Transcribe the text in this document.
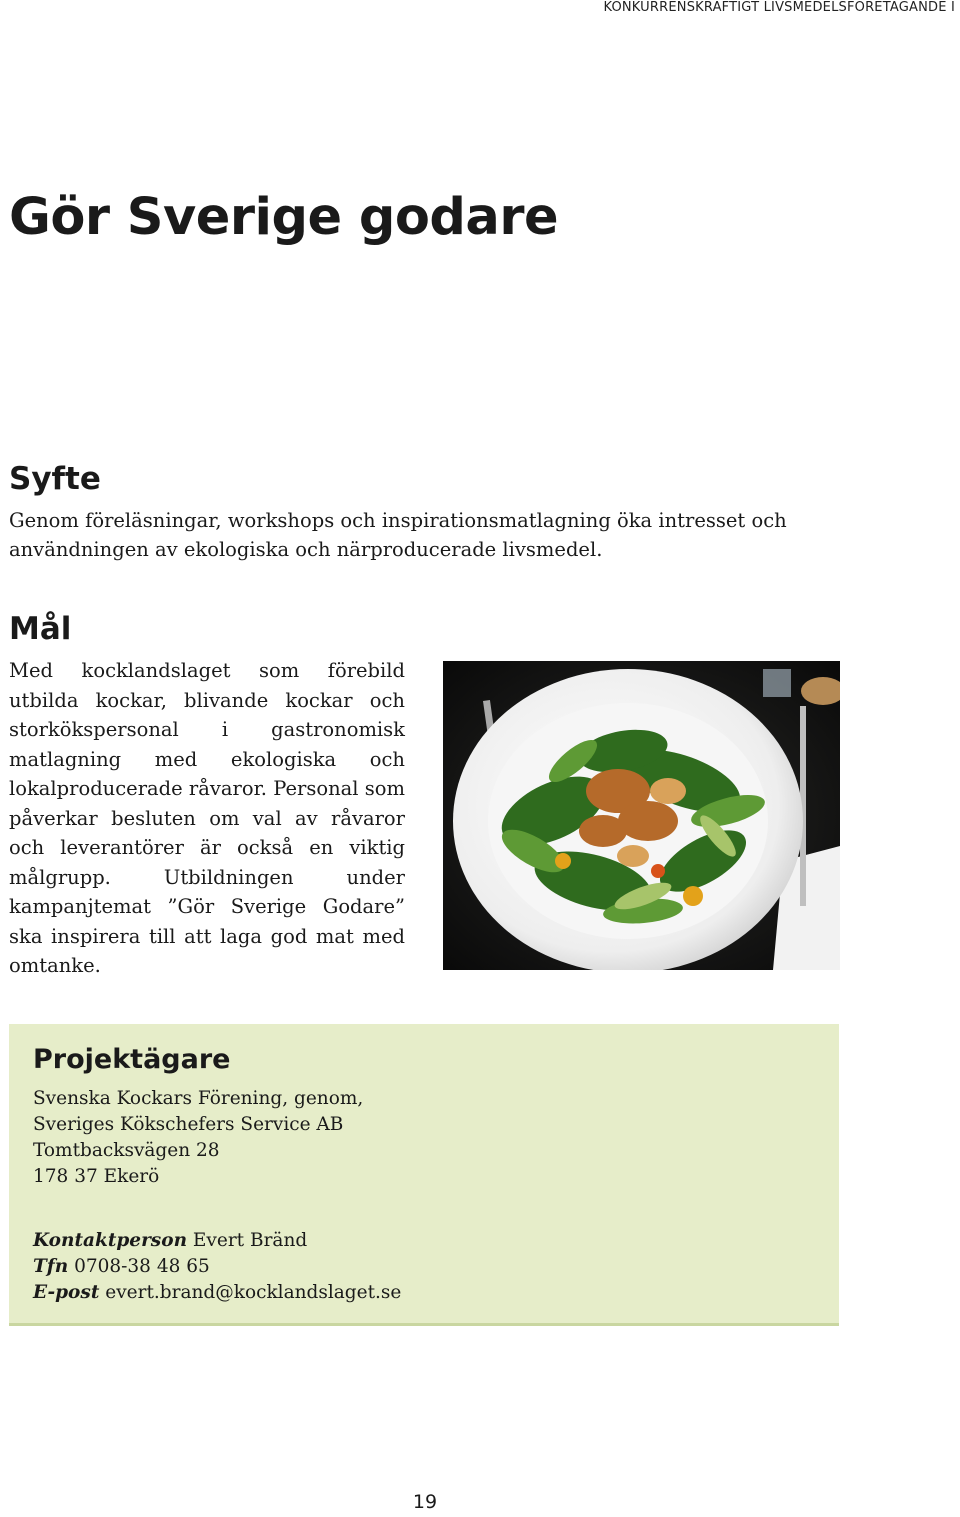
KONKURRENSKRAFTIGT LIVSMEDELSFÖRETAGANDE I
Gör Sverige godare
Syfte

Genom föreläsningar, workshops och inspirationsmatlagning öka intresset och användningen av ekologiska och närproducerade livsmedel.

Mål

Med kocklandslaget som förebild utbilda kockar, blivande kockar och storkökspersonal i gastronomisk matlagning med ekologiska och lokalproducerade råvaror. Personal som påverkar besluten om val av råvaror och leverantörer är också en viktig målgrupp. Utbildningen under kampanjtemat ”Gör Sverige Godare” ska inspirera till att laga god mat med omtanke.

Projektägare
Svenska Kockars Förening, genom,
Sveriges Kökschefers Service AB
Tomtbacksvägen 28
178 37 Ekerö
Kontaktperson Evert Bränd
Tfn 0708-38 48 65
E-post evert.brand@kocklandslaget.se
19
